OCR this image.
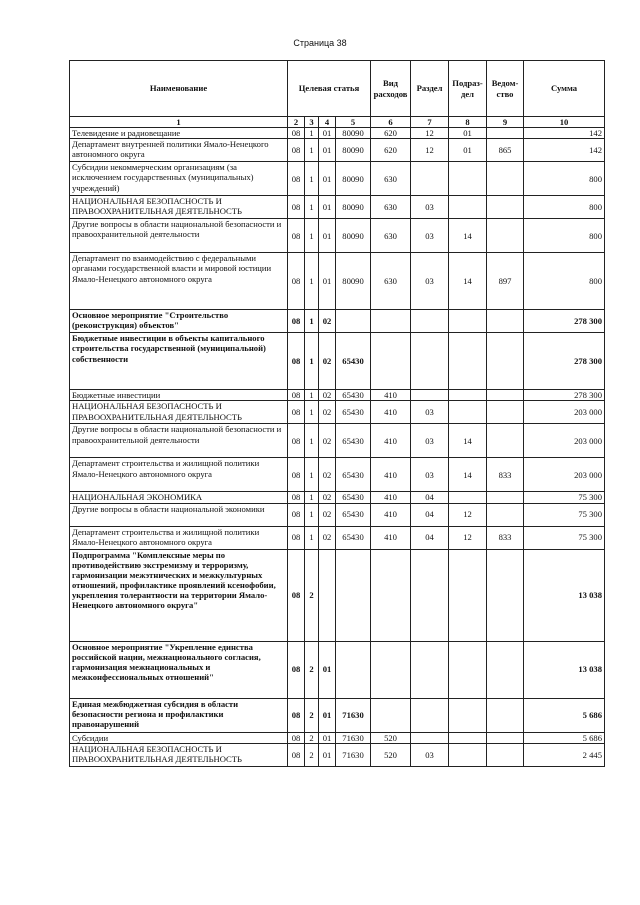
Страница 38
Наименование	Целевая статья				Вид расходов	Раздел	Подраз-дел	Ведом-ство	Сумма
1	2	3	4	5	6	7	8	9	10
Телевидение и радиовещание	08	1	01	80090	620	12	01		142
Департамент внутренней политики Ямало-Ненецкого автономного округа	08	1	01	80090	620	12	01	865	142
Субсидии некоммерческим организациям (за исключением государственных (муниципальных) учреждений)	08	1	01	80090	630				800
НАЦИОНАЛЬНАЯ БЕЗОПАСНОСТЬ И ПРАВООХРАНИТЕЛЬНАЯ ДЕЯТЕЛЬНОСТЬ	08	1	01	80090	630	03			800
Другие вопросы в области национальной безопасности и правоохранительной деятельности	08	1	01	80090	630	03	14		800
Департамент по взаимодействию с федеральными органами государственной власти и мировой юстиции Ямало-Ненецкого автономного округа	08	1	01	80090	630	03	14	897	800
Основное мероприятие "Строительство (реконструкция) объектов"	08	1	02						278 300
Бюджетные инвестиции в объекты капитального строительства государственной (муниципальной) собственности	08	1	02	65430					278 300
Бюджетные инвестиции	08	1	02	65430	410				278 300
НАЦИОНАЛЬНАЯ БЕЗОПАСНОСТЬ И ПРАВООХРАНИТЕЛЬНАЯ ДЕЯТЕЛЬНОСТЬ	08	1	02	65430	410	03			203 000
Другие вопросы в области национальной безопасности и правоохранительной деятельности	08	1	02	65430	410	03	14		203 000
Департамент строительства и жилищной политики Ямало-Ненецкого автономного округа	08	1	02	65430	410	03	14	833	203 000
НАЦИОНАЛЬНАЯ ЭКОНОМИКА	08	1	02	65430	410	04			75 300
Другие вопросы в области национальной экономики	08	1	02	65430	410	04	12		75 300
Департамент строительства и жилищной политики Ямало-Ненецкого автономного округа	08	1	02	65430	410	04	12	833	75 300
Подпрограмма "Комплексные меры по противодействию экстремизму и терроризму, гармонизации межэтнических и межкультурных отношений, профилактике проявлений ксенофобии, укрепления толерантности на территории Ямало-Ненецкого автономного округа"	08	2							13 038
Основное мероприятие "Укрепление единства российской нации, межнационального согласия, гармонизация межнациональных и межконфессиональных отношений"	08	2	01						13 038
Единая межбюджетная субсидия в области безопасности региона и профилактики правонарушений	08	2	01	71630					5 686
Субсидии	08	2	01	71630	520				5 686
НАЦИОНАЛЬНАЯ БЕЗОПАСНОСТЬ И ПРАВООХРАНИТЕЛЬНАЯ ДЕЯТЕЛЬНОСТЬ	08	2	01	71630	520	03			2 445
